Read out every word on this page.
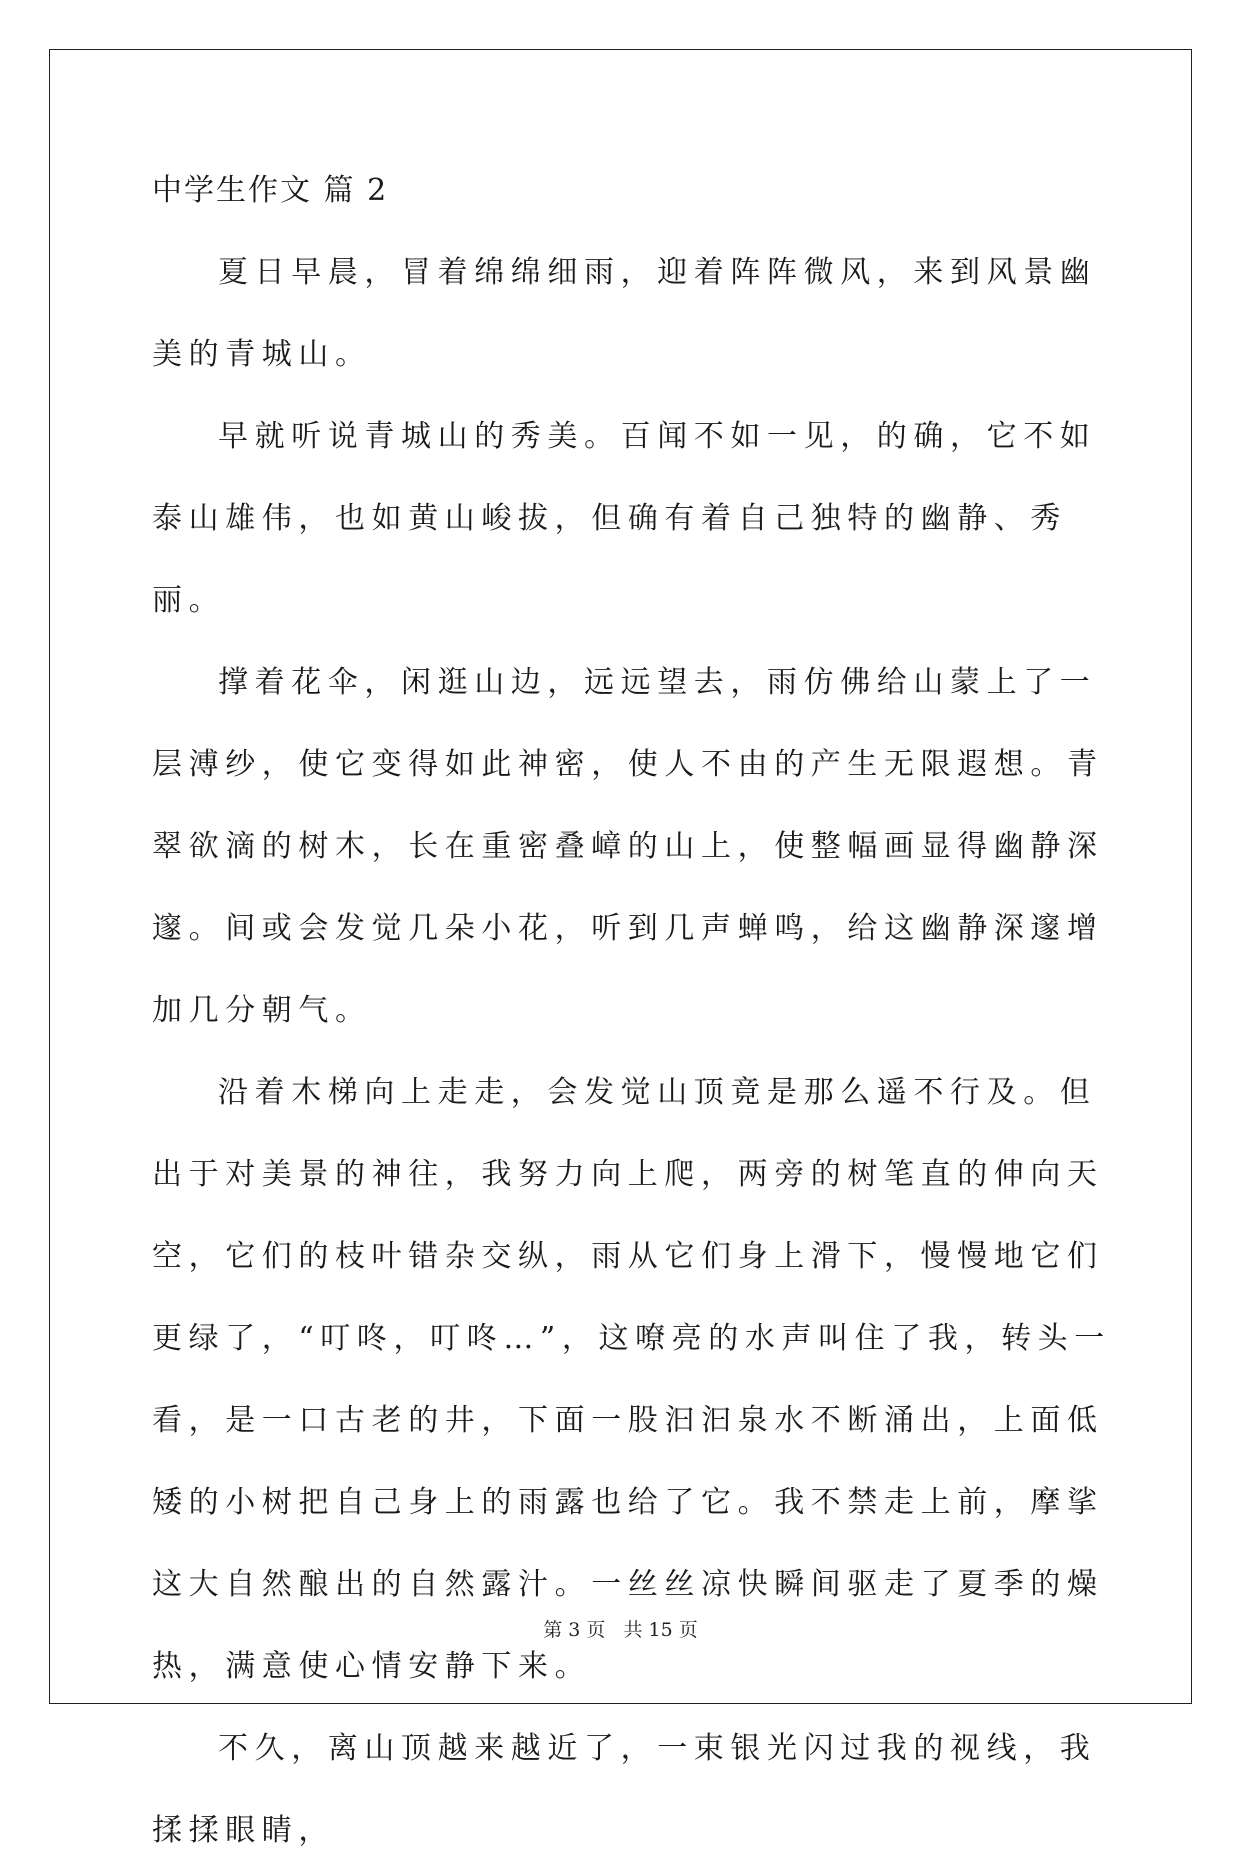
中学生作文 篇 2

夏日早晨，冒着绵绵细雨，迎着阵阵微风，来到风景幽美的青城山。

早就听说青城山的秀美。百闻不如一见，的确，它不如泰山雄伟，也如黄山峻拔，但确有着自己独特的幽静、秀丽。

撑着花伞，闲逛山边，远远望去，雨仿佛给山蒙上了一层溥纱，使它变得如此神密，使人不由的产生无限遐想。青翠欲滴的树木，长在重密叠嶂的山上，使整幅画显得幽静深邃。间或会发觉几朵小花，听到几声蝉鸣，给这幽静深邃增加几分朝气。

沿着木梯向上走走，会发觉山顶竟是那么遥不行及。但出于对美景的神往，我努力向上爬，两旁的树笔直的伸向天空，它们的枝叶错杂交纵，雨从它们身上滑下，慢慢地它们更绿了，“叮咚，叮咚…”，这嘹亮的水声叫住了我，转头一看，是一口古老的井，下面一股汩汩泉水不断涌出，上面低矮的小树把自己身上的雨露也给了它。我不禁走上前，摩挲这大自然酿出的自然露汁。一丝丝凉快瞬间驱走了夏季的燥热，满意使心情安静下来。

不久，离山顶越来越近了，一束银光闪过我的视线，我揉揉眼睛，

第 3 页   共 15 页
